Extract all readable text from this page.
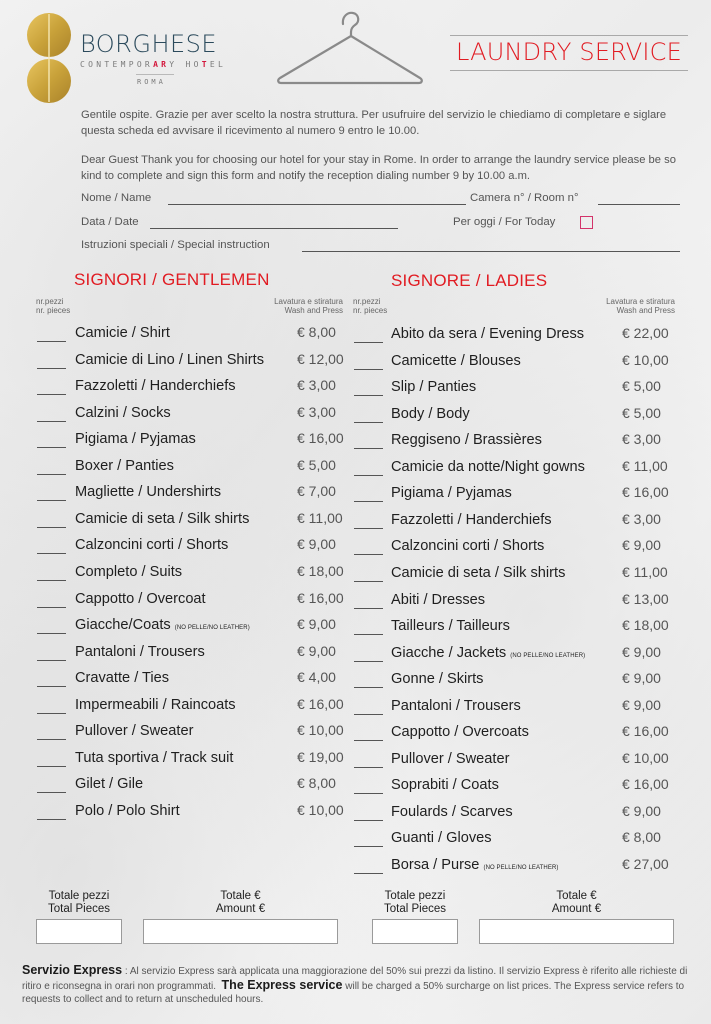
BORGHESE
CONTEMPORARY HOTEL
ROMA
LAUNDRY SERVICE
Gentile ospite. Grazie per aver scelto la nostra struttura. Per usufruire del servizio le chiediamo di completare e siglare questa scheda ed avvisare il ricevimento al numero 9 entro le 10.00.
Dear Guest Thank you for choosing our hotel for your stay in Rome. In order to arrange the laundry service please be so kind to complete and sign this form and notify the reception dialing number 9 by 10.00 a.m.
Nome / Name	Camera n° / Room n°
Data / Date	Per oggi / For Today
Istruzioni speciali / Special instruction
SIGNORI / GENTLEMEN	SIGNORE / LADIES
nr.pezzi
nr. pieces
Lavatura e stiratura
Wash and Press
nr.pezzi
nr. pieces
Lavatura e stiratura
Wash and Press
Camicie / Shirt	€ 8,00
Camicie di Lino / Linen Shirts € 12,00
Fazzoletti / Handerchiefs	€ 3,00
Calzini / Socks	€ 3,00
Pigiama / Pyjamas	€ 16,00
Boxer / Panties	€ 5,00
Magliette / Undershirts	€ 7,00
Camicie di seta / Silk shirts	€ 11,00
Calzoncini corti / Shorts	€ 9,00
Completo / Suits	€ 18,00
Cappotto / Overcoat	€ 16,00
Giacche/Coats (NO PELLE/NO LEATHER)	€ 9,00
Pantaloni / Trousers	€ 9,00
Cravatte / Ties	€ 4,00
Impermeabili / Raincoats	€ 16,00
Pullover / Sweater	€ 10,00
Tuta sportiva / Track suit	€ 19,00
Gilet / Gile	€ 8,00
Polo / Polo Shirt	€ 10,00
Abito da sera / Evening Dress	€ 22,00
Camicette / Blouses	€ 10,00
Slip / Panties	€ 5,00
Body / Body	€ 5,00
Reggiseno / Brassières	€ 3,00
Camicie da notte/Night gowns	€ 11,00
Pigiama / Pyjamas	€ 16,00
Fazzoletti / Handerchiefs	€ 3,00
Calzoncini corti / Shorts	€ 9,00
Camicie di seta / Silk shirts	€ 11,00
Abiti / Dresses	€ 13,00
Tailleurs / Tailleurs	€ 18,00
Giacche / Jackets (NO PELLE/NO LEATHER)	€ 9,00
Gonne / Skirts	€ 9,00
Pantaloni / Trousers	€ 9,00
Cappotto / Overcoats	€ 16,00
Pullover / Sweater	€ 10,00
Soprabiti / Coats	€ 16,00
Foulards / Scarves	€ 9,00
Guanti / Gloves	€ 8,00
Borsa / Purse (NO PELLE/NO LEATHER)	€ 27,00
Totale pezzi
Total Pieces
Totale €
Amount €
Totale pezzi
Total Pieces
Totale €
Amount €
Servizio Express : Al servizio Express sarà applicata una maggiorazione del 50% sui prezzi da listino. Il servizio Express è riferito alle richieste di ritiro e riconsegna in orari non programmati. The Express service will be charged a 50% surcharge on list prices. The Express service refers to requests to collect and to return at unscheduled hours.
